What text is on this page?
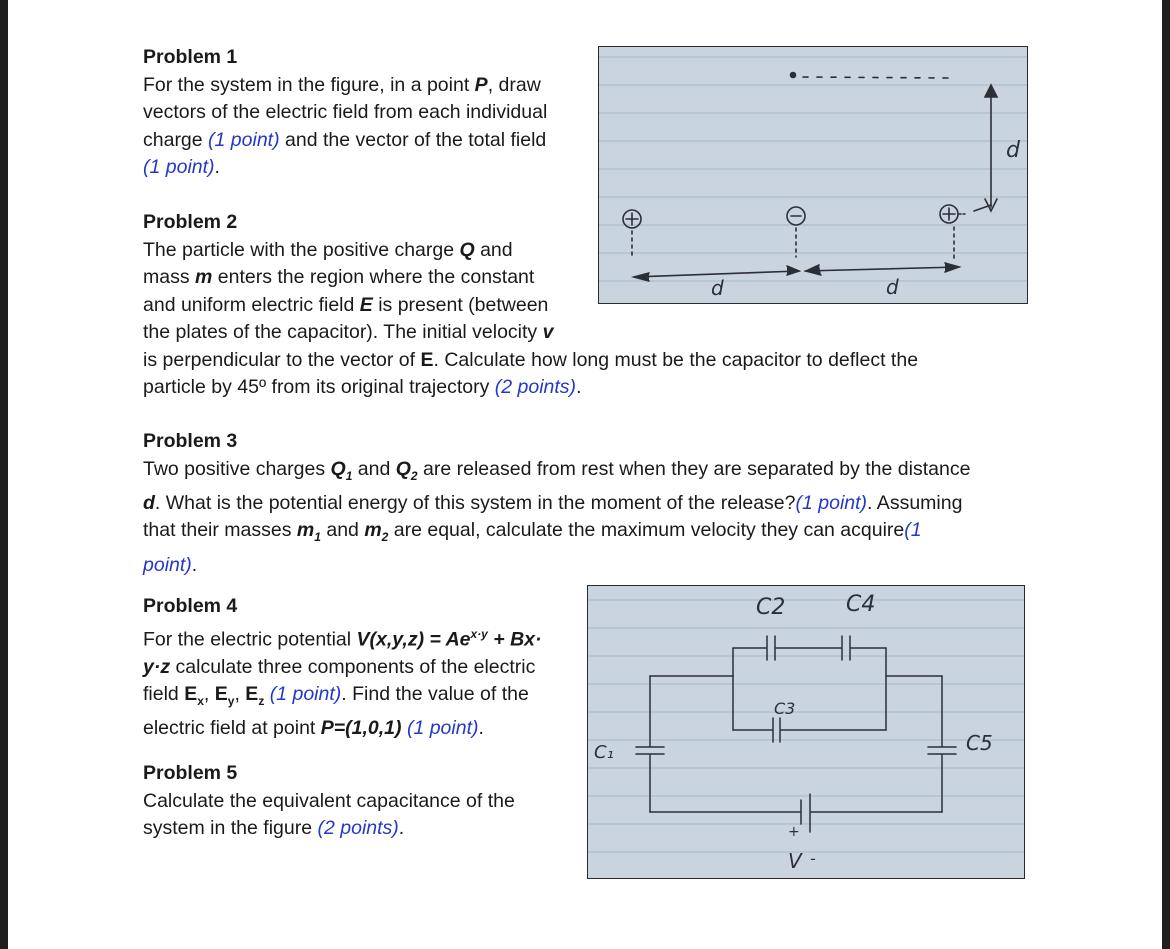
Problem 1
For the system in the figure, in a point P, draw
vectors of the electric field from each individual
charge (1 point) and the vector of the total field
(1 point).
Problem 2
The particle with the positive charge Q and
mass m enters the region where the constant
and uniform electric field E is present (between
the plates of the capacitor). The initial velocity v
is perpendicular to the vector of E. Calculate how long must be the capacitor to deflect the
particle by 45º from its original trajectory (2 points).
Problem 3
Two positive charges $Q_1$ and $Q_2$ are released from rest when they are separated by the distance
d. What is the potential energy of this system in the moment of the release?(1 point). Assuming
that their masses $m_1$ and $m_2$ are equal, calculate the maximum velocity they can acquire(1
point).
Problem 4
For the electric potential $V(x,y,z) = Ae^{x\cdot y} + Bx\cdot$
y·z calculate three components of the electric
field $E_x$, $E_y$, $E_z$ (1 point). Find the value of the
electric field at point P=(1,0,1) (1 point).
Problem 5
Calculate the equivalent capacitance of the
system in the figure (2 points).
d
d	d
C2	C4
C3
C₁	C5
+
V -
